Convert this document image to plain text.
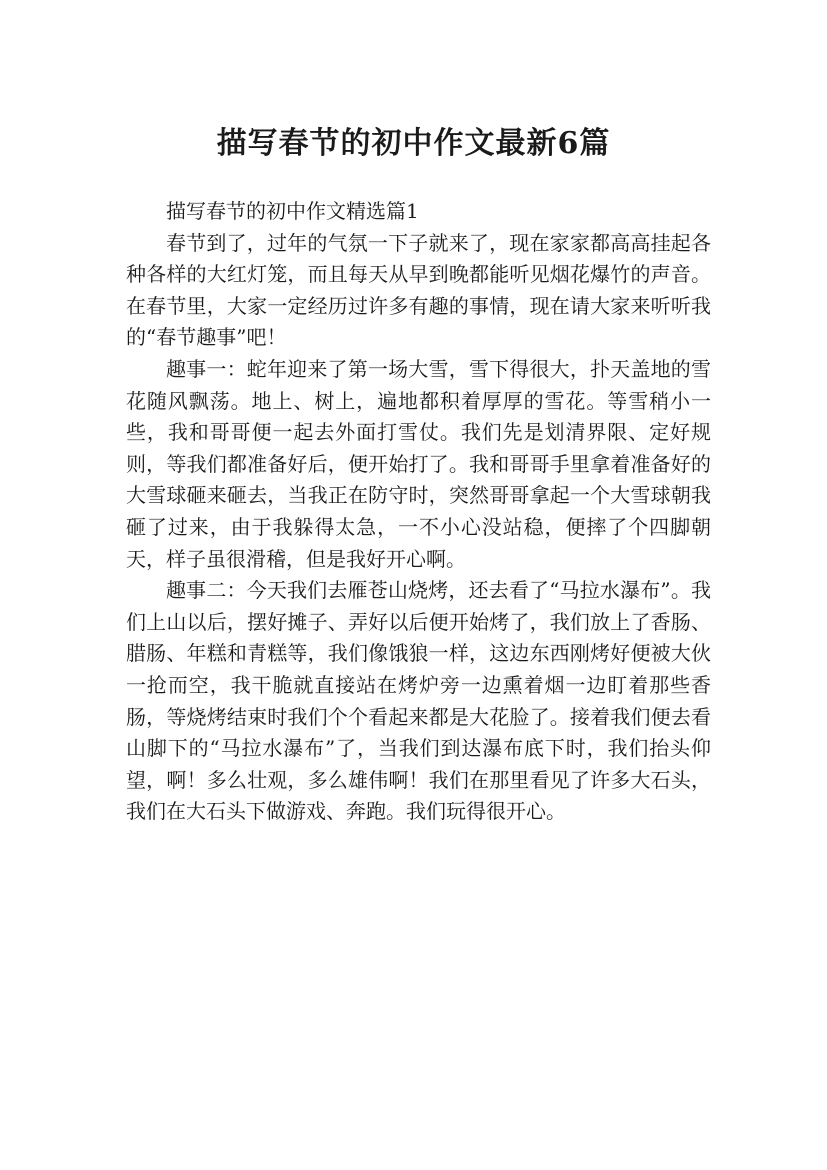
描写春节的初中作文最新6篇

描写春节的初中作文精选篇1

春节到了，过年的气氛一下子就来了，现在家家都高高挂起各种各样的大红灯笼，而且每天从早到晚都能听见烟花爆竹的声音。在春节里，大家一定经历过许多有趣的事情，现在请大家来听听我的“春节趣事”吧！

趣事一：蛇年迎来了第一场大雪，雪下得很大，扑天盖地的雪花随风飘荡。地上、树上，遍地都积着厚厚的雪花。等雪稍小一些，我和哥哥便一起去外面打雪仗。我们先是划清界限、定好规则，等我们都准备好后，便开始打了。我和哥哥手里拿着准备好的大雪球砸来砸去，当我正在防守时，突然哥哥拿起一个大雪球朝我砸了过来，由于我躲得太急，一不小心没站稳，便摔了个四脚朝天，样子虽很滑稽，但是我好开心啊。

趣事二：今天我们去雁苍山烧烤，还去看了“马拉水瀑布”。我们上山以后，摆好摊子、弄好以后便开始烤了，我们放上了香肠、腊肠、年糕和青糕等，我们像饿狼一样，这边东西刚烤好便被大伙一抢而空，我干脆就直接站在烤炉旁一边熏着烟一边盯着那些香肠，等烧烤结束时我们个个看起来都是大花脸了。接着我们便去看山脚下的“马拉水瀑布”了，当我们到达瀑布底下时，我们抬头仰望，啊！多么壮观，多么雄伟啊！我们在那里看见了许多大石头，我们在大石头下做游戏、奔跑。我们玩得很开心。
